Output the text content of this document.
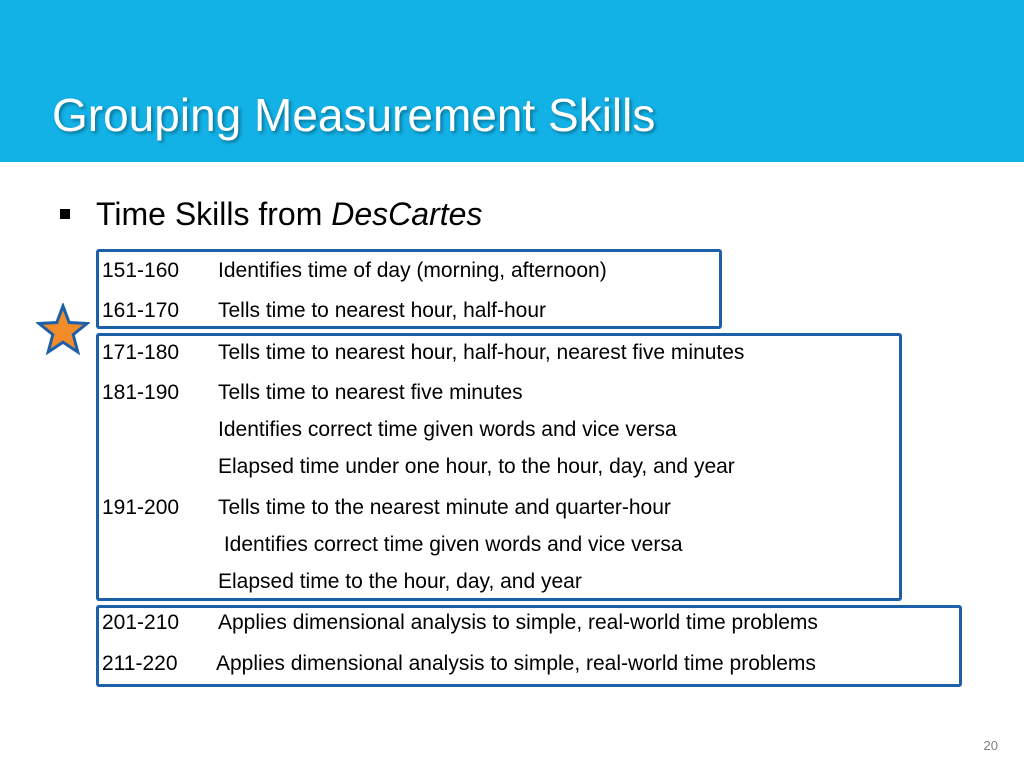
Grouping Measurement Skills
Time Skills from DesCartes
151-160 Identifies time of day (morning, afternoon)
161-170 Tells time to nearest hour, half-hour
171-180 Tells time to nearest hour, half-hour, nearest five minutes
181-190 Tells time to nearest five minutes
Identifies correct time given words and vice versa
Elapsed time under one hour, to the hour, day, and year
191-200 Tells time to the nearest minute and quarter-hour
Identifies correct time given words and vice versa
Elapsed time to the hour, day, and year
201-210 Applies dimensional analysis to simple, real-world time problems
211-220 Applies dimensional analysis to simple, real-world time problems
20
